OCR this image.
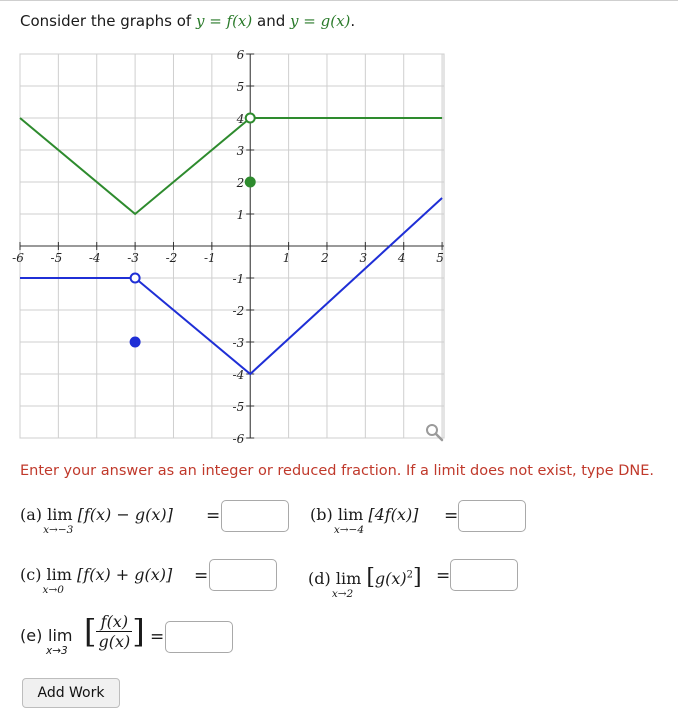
Consider the graphs of y = f(x) and y = g(x).
-6 -5 -4 -3 -2 -1	1	2	3	4	5
6
5
4
3
2
1
-1
-2
-3
-4
-5
-6
Enter your answer as an integer or reduced fraction. If a limit does not exist, type DNE.
(a) lim
x→−3
[f(x) − g(x)] =	(b) lim
x→−4
[4f(x)] =
(c) lim
x→0
[f(x) + g(x)] =	(d) lim
x→2
$[g(x)^2]$ =
(e) lim
x→3
[ $\frac{f(x)}{g(x)}$ ] =
Add Work
